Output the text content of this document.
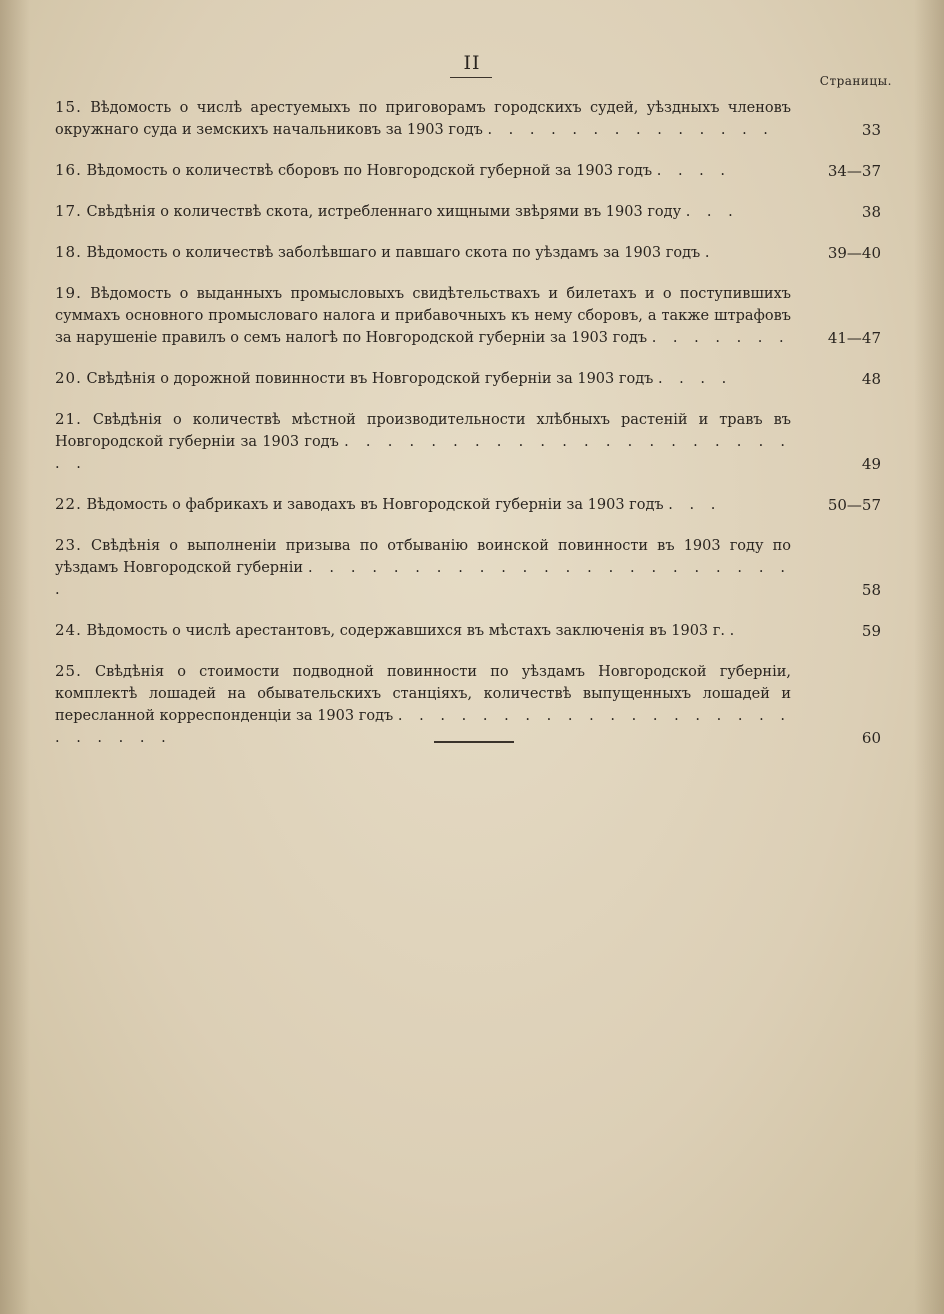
II
Страницы.
15. Вѣдомость о числѣ арестуемыхъ по приговорамъ городскихъ судей, уѣздныхъ членовъ окружнаго суда и земскихъ начальниковъ за 1903 годъ . . . . . . . . . . . . . .	33
16. Вѣдомость о количествѣ сборовъ по Новгородской губерной за 1903 годъ . . . .	34—37
17. Свѣдѣнія о количествѣ скота, истребленнаго хищными звѣрями въ 1903 году . . .	38
18. Вѣдомость о количествѣ заболѣвшаго и павшаго скота по уѣздамъ за 1903 годъ .	39—40
19. Вѣдомость о выданныхъ промысловыхъ свидѣтельствахъ и билетахъ и о поступившихъ суммахъ основного промысловаго налога и прибавочныхъ къ нему сборовъ, а также штрафовъ за нарушеніе правилъ о семъ налогѣ по Новгородской губерніи за 1903 годъ . . . . . . .	41—47
20. Свѣдѣнія о дорожной повинности въ Новгородской губерніи за 1903 годъ . . . .	48
21. Свѣдѣнія о количествѣ мѣстной производительности хлѣбныхъ растеній и травъ въ Новгородской губерніи за 1903 годъ . . . . . . . . . . . . . . . . . . . . . . .	49
22. Вѣдомость о фабрикахъ и заводахъ въ Новгородской губерніи за 1903 годъ . . .	50—57
23. Свѣдѣнія о выполненіи призыва по отбыванію воинской повинности въ 1903 году по уѣздамъ Новгородской губерніи . . . . . . . . . . . . . . . . . . . . . . . .	58
24. Вѣдомость о числѣ арестантовъ, содержавшихся въ мѣстахъ заключенія въ 1903 г. .	59
25. Свѣдѣнія о стоимости подводной повинности по уѣздамъ Новгородской губерніи, комплектѣ лошадей на обывательскихъ станціяхъ, количествѣ выпущенныхъ лошадей и пересланной корреспонденціи за 1903 годъ . . . . . . . . . . . . . . . . . . . . . . . . .	60
